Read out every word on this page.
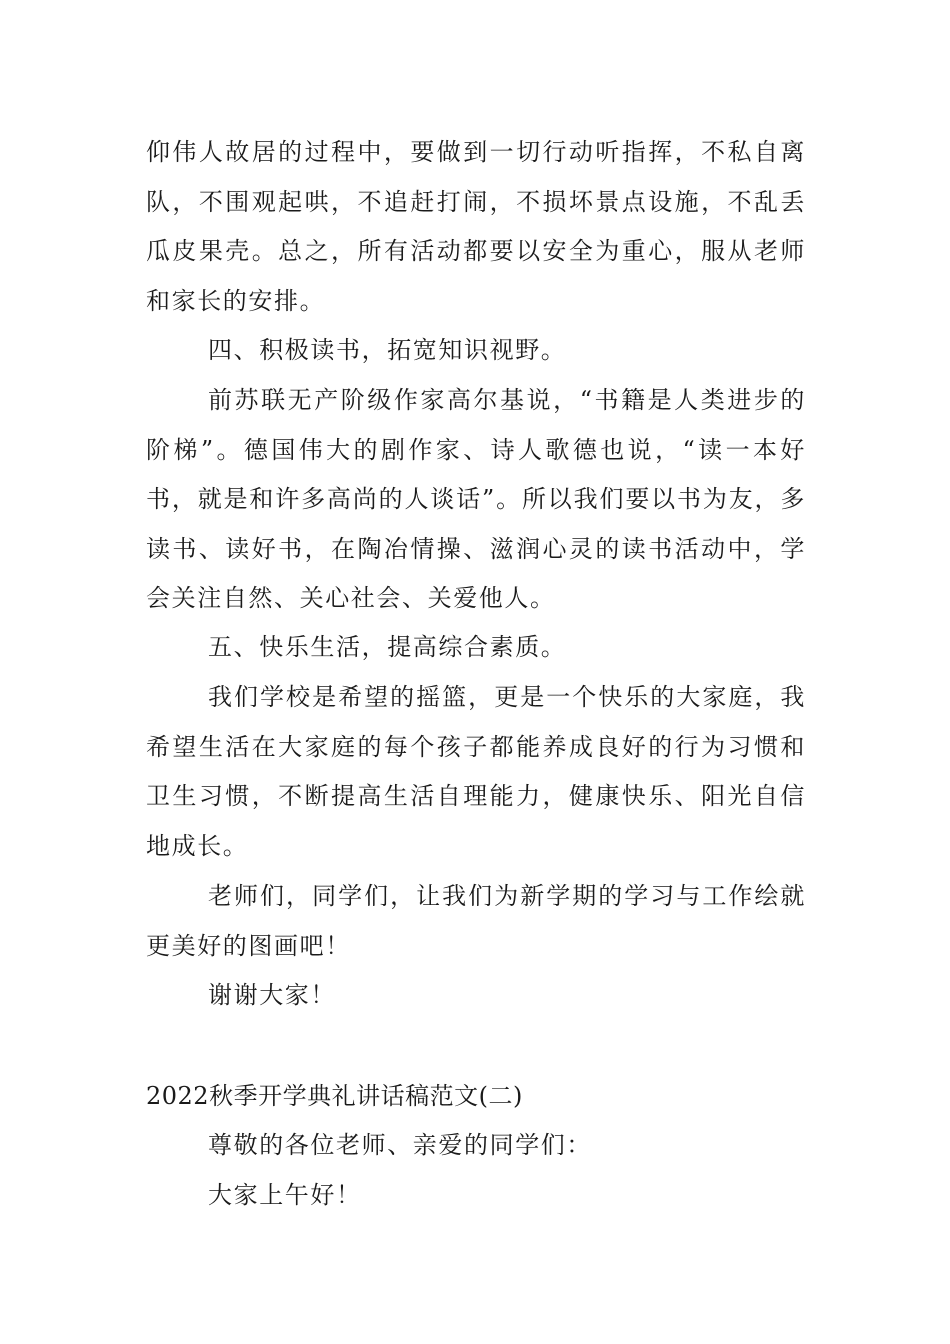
仰伟人故居的过程中，要做到一切行动听指挥，不私自离队，不围观起哄，不追赶打闹，不损坏景点设施，不乱丢瓜皮果壳。总之，所有活动都要以安全为重心，服从老师和家长的安排。

四、积极读书，拓宽知识视野。

前苏联无产阶级作家高尔基说，“书籍是人类进步的阶梯”。德国伟大的剧作家、诗人歌德也说，“读一本好书，就是和许多高尚的人谈话”。所以我们要以书为友，多读书、读好书，在陶冶情操、滋润心灵的读书活动中，学会关注自然、关心社会、关爱他人。

五、快乐生活，提高综合素质。

我们学校是希望的摇篮，更是一个快乐的大家庭，我希望生活在大家庭的每个孩子都能养成良好的行为习惯和卫生习惯，不断提高生活自理能力，健康快乐、阳光自信地成长。

老师们，同学们，让我们为新学期的学习与工作绘就更美好的图画吧！

谢谢大家！

2022秋季开学典礼讲话稿范文(二)

尊敬的各位老师、亲爱的同学们：

大家上午好！
